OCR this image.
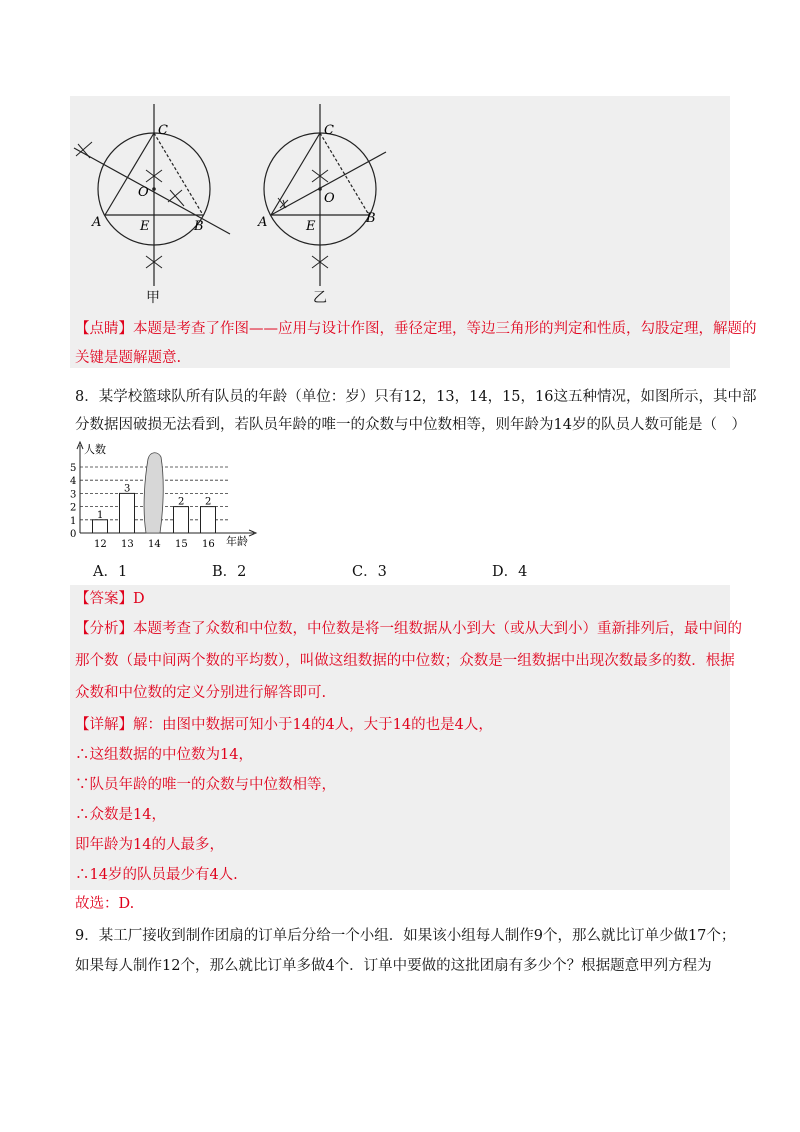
C
O
A	E	B
甲
C
O
A	E
B
乙
【点睛】本题是考查了作图——应用与设计作图，垂径定理，等边三角形的判定和性质，勾股定理，解题的
关键是题解题意.
8．某学校篮球队所有队员的年龄（单位：岁）只有12，13，14，15，16这五种情况，如图所示，其中部
分数据因破损无法看到，若队员年龄的唯一的众数与中位数相等，则年龄为14岁的队员人数可能是（　）
人数
年龄
0
1
2
3
4
5
12
1
13
3
14 15
2
16
2
A．1	B．2	C．3	D．4
【答案】D
【分析】本题考查了众数和中位数，中位数是将一组数据从小到大（或从大到小）重新排列后，最中间的
那个数（最中间两个数的平均数），叫做这组数据的中位数；众数是一组数据中出现次数最多的数．根据
众数和中位数的定义分别进行解答即可.
【详解】解：由图中数据可知小于14的4人，大于14的也是4人，
∴这组数据的中位数为14，
∵队员年龄的唯一的众数与中位数相等，
∴众数是14，
即年龄为14的人最多，
∴14岁的队员最少有4人.
故选：D.
9．某工厂接收到制作团扇的订单后分给一个小组．如果该小组每人制作9个，那么就比订单少做17个；
如果每人制作12个，那么就比订单多做4个．订单中要做的这批团扇有多少个？根据题意甲列方程为
